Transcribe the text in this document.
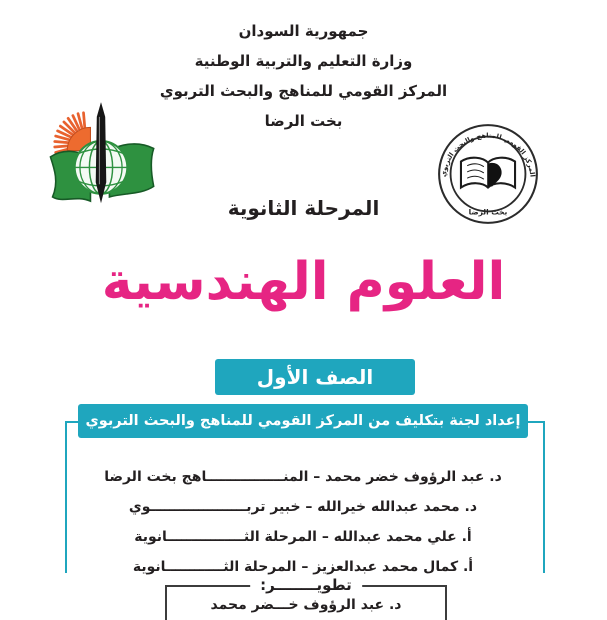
جمهورية السودان
وزارة التعليم والتربية الوطنية
المركز القومي للمناهج والبحث التربوي
بخت الرضا
المركز القومي للمناهج والبحث التربوي
بخت الرضا
المرحلة الثانوية
العلوم الهندسية
الصف الأول
إعداد لجنة بتكليف من المركز القومي للمناهج والبحث التربوي من الأساتذة:
د. عبد الرؤوف خضر محمد – المنــــــــــــــــاهج بخت الرضا
د. محمد عبدالله خيرالله – خبير تربــــــــــــــــــــوي
أ. علي محمد عبدالله – المرحلة الثــــــــــــــــانوية
أ. كمال محمد عبدالعزيز – المرحلة الثــــــــــــانوية
تطويــــــــر:
د. عبد الرؤوف خـــضر محمد
